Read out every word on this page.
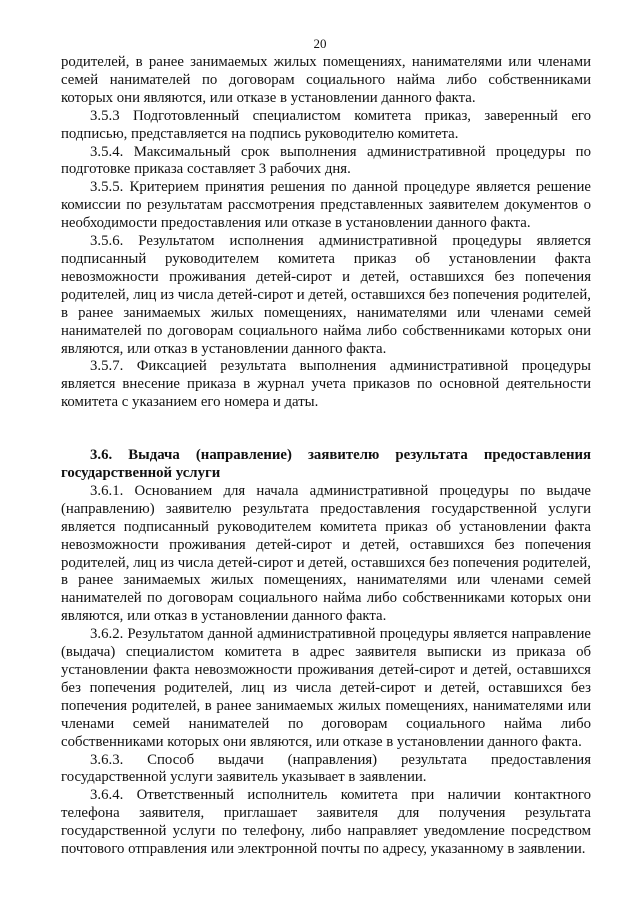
20

родителей, в ранее занимаемых жилых помещениях, нанимателями или членами семей нанимателей по договорам социального найма либо собственниками которых они являются, или отказе в установлении данного факта.

3.5.3 Подготовленный специалистом комитета приказ, заверенный его подписью, представляется на подпись руководителю комитета.

3.5.4. Максимальный срок выполнения административной процедуры по подготовке приказа составляет 3 рабочих дня.

3.5.5. Критерием принятия решения по данной процедуре является решение комиссии по результатам рассмотрения представленных заявителем документов о необходимости предоставления или отказе в установлении данного факта.

3.5.6. Результатом исполнения административной процедуры является подписанный руководителем комитета приказ об установлении факта невозможности проживания детей-сирот и детей, оставшихся без попечения родителей, лиц из числа детей-сирот и детей, оставшихся без попечения родителей, в ранее занимаемых жилых помещениях, нанимателями или членами семей нанимателей по договорам социального найма либо собственниками которых они являются, или отказ в установлении данного факта.

3.5.7. Фиксацией результата выполнения административной процедуры является внесение приказа в журнал учета приказов по основной деятельности комитета с указанием его номера и даты.

3.6. Выдача (направление) заявителю результата предоставления государственной услуги

3.6.1. Основанием для начала административной процедуры по выдаче (направлению) заявителю результата предоставления государственной услуги является подписанный руководителем комитета приказ об установлении факта невозможности проживания детей-сирот и детей, оставшихся без попечения родителей, лиц из числа детей-сирот и детей, оставшихся без попечения родителей, в ранее занимаемых жилых помещениях, нанимателями или членами семей нанимателей по договорам социального найма либо собственниками которых они являются, или отказ в установлении данного факта.

3.6.2. Результатом данной административной процедуры является направление (выдача) специалистом комитета в адрес заявителя выписки из приказа об установлении факта невозможности проживания детей-сирот и детей, оставшихся без попечения родителей, лиц из числа детей-сирот и детей, оставшихся без попечения родителей, в ранее занимаемых жилых помещениях, нанимателями или членами семей нанимателей по договорам социального найма либо собственниками которых они являются, или отказе в установлении данного факта.

3.6.3. Способ выдачи (направления) результата предоставления государственной услуги заявитель указывает в заявлении.

3.6.4. Ответственный исполнитель комитета при наличии контактного телефона заявителя, приглашает заявителя для получения результата государственной услуги по телефону, либо направляет уведомление посредством почтового отправления или электронной почты по адресу, указанному в заявлении.
